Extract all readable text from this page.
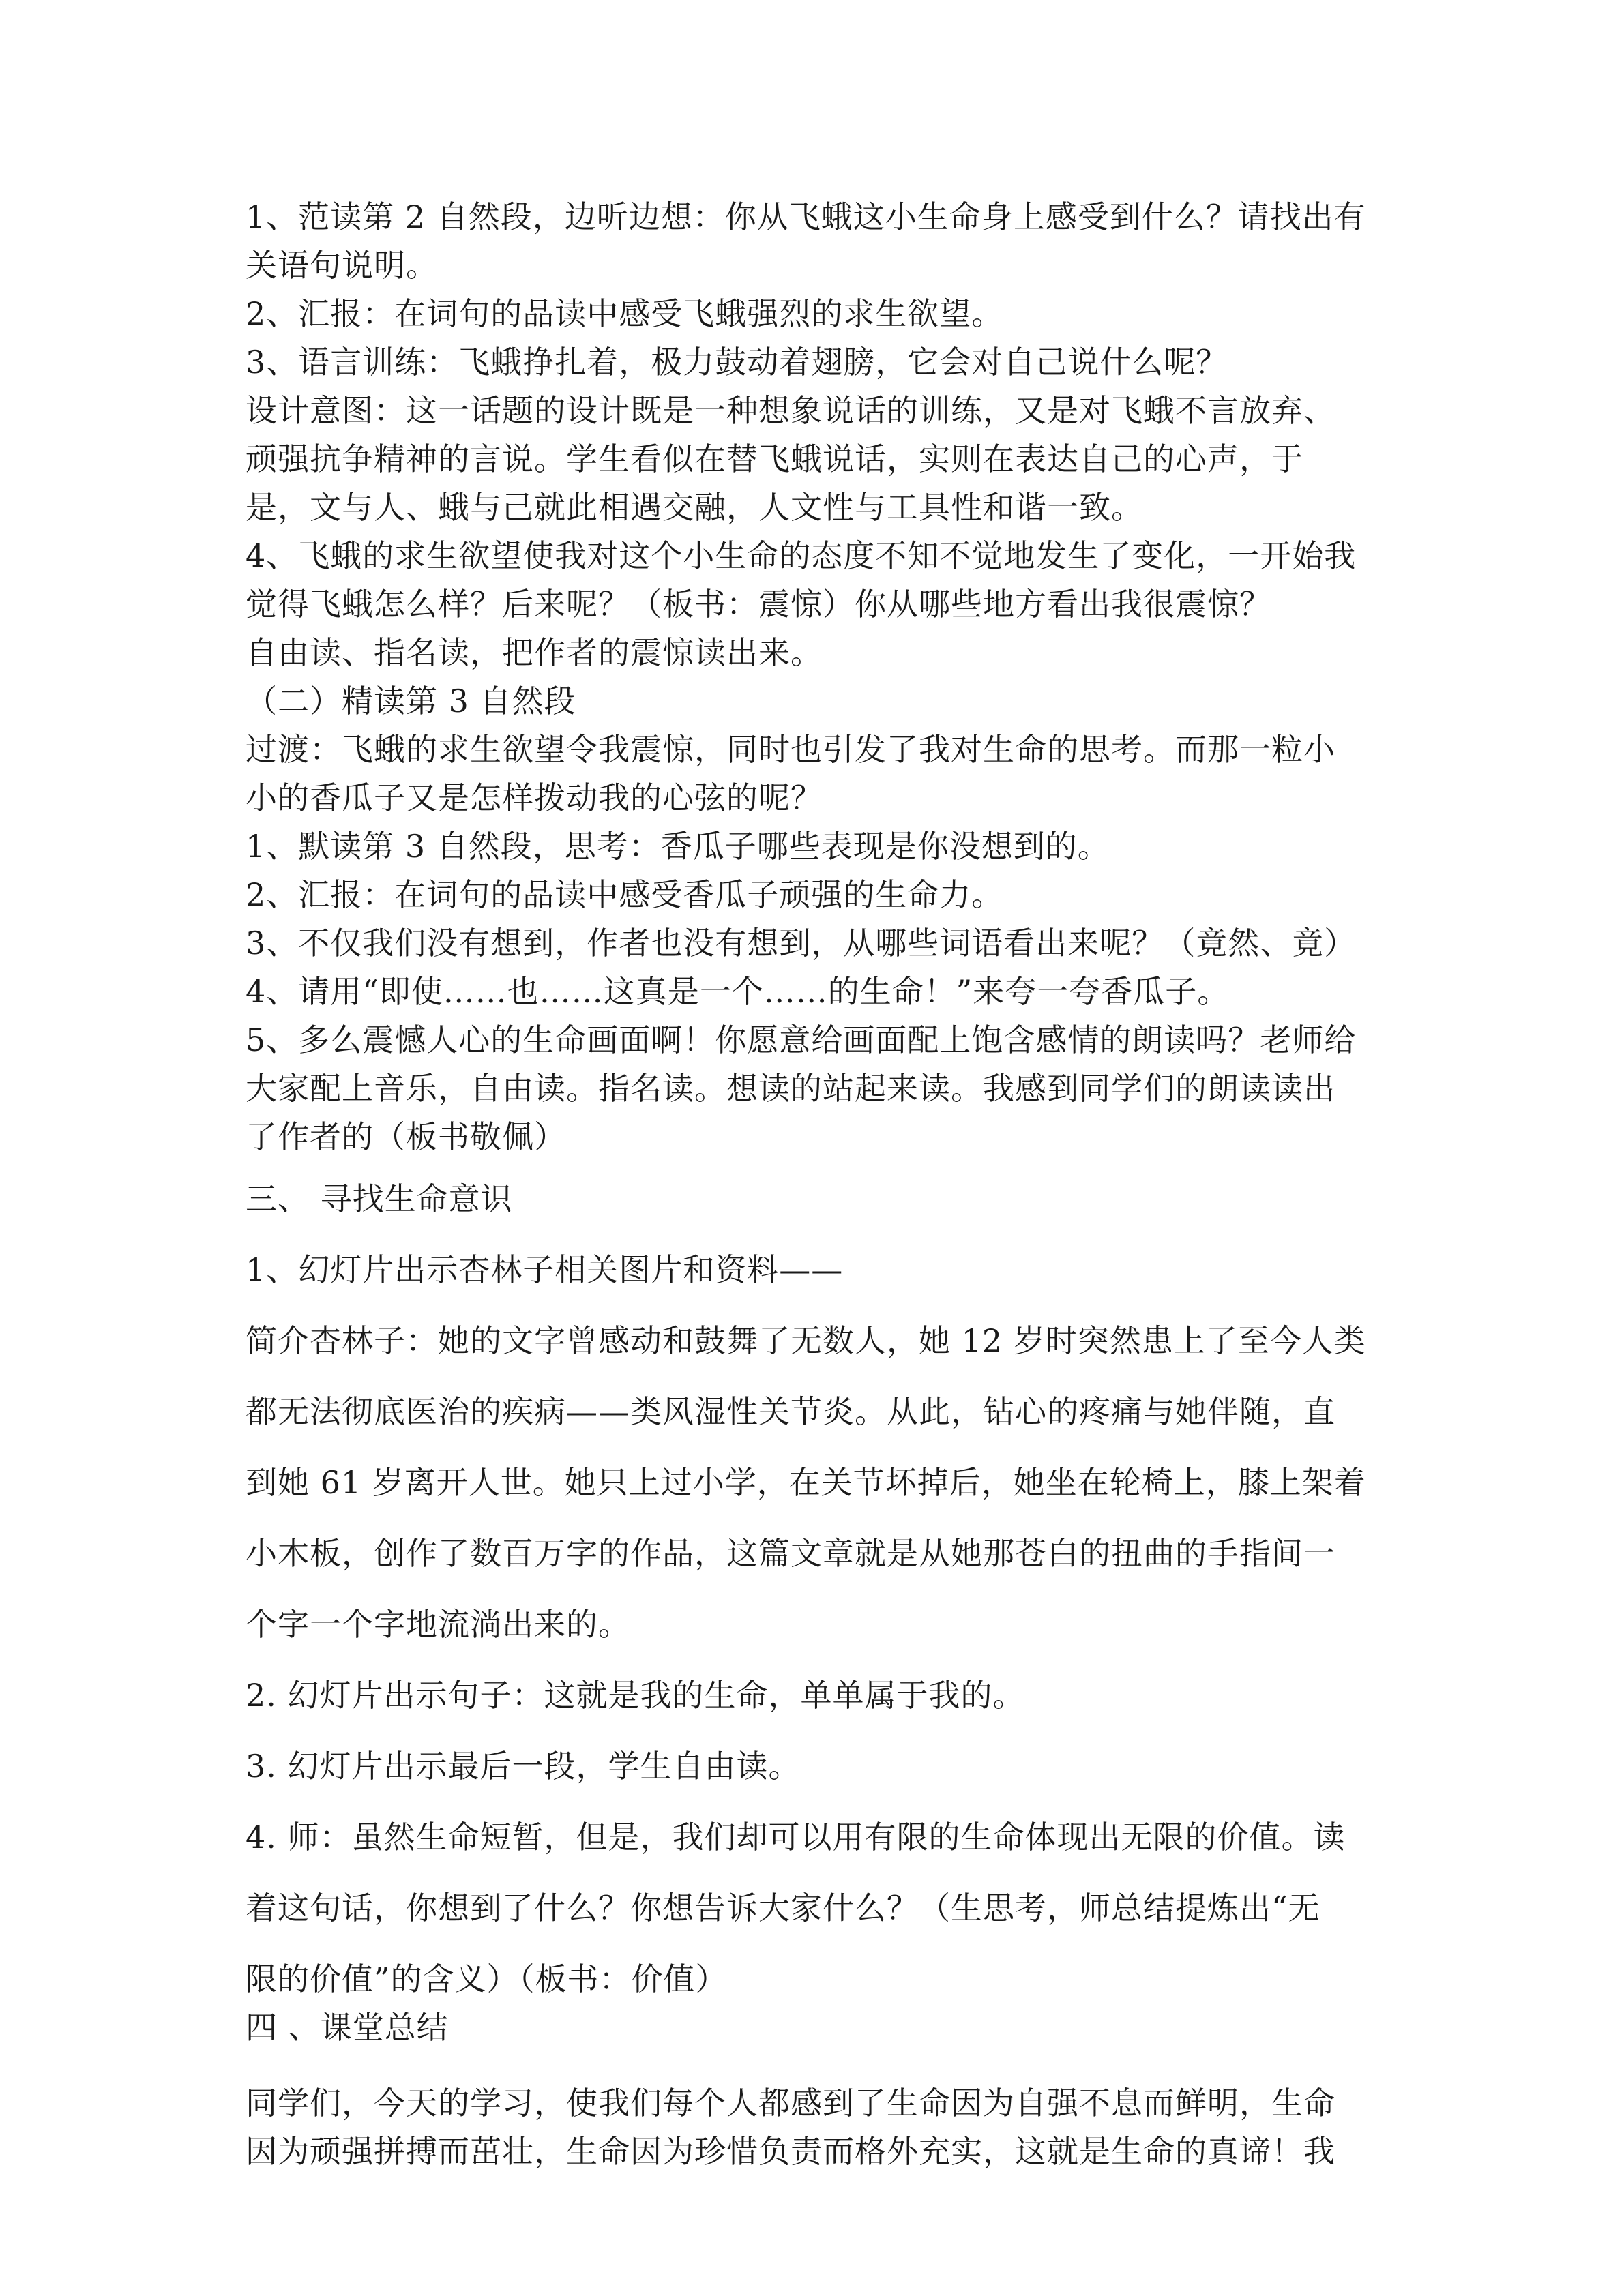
1、范读第 2 自然段，边听边想：你从飞蛾这小生命身上感受到什么？请找出有
关语句说明。
2、汇报：在词句的品读中感受飞蛾强烈的求生欲望。
3、语言训练：飞蛾挣扎着，极力鼓动着翅膀，它会对自己说什么呢？
设计意图：这一话题的设计既是一种想象说话的训练，又是对飞蛾不言放弃、
顽强抗争精神的言说。学生看似在替飞蛾说话，实则在表达自己的心声，于
是，文与人、蛾与己就此相遇交融，人文性与工具性和谐一致。
4、飞蛾的求生欲望使我对这个小生命的态度不知不觉地发生了变化，一开始我
觉得飞蛾怎么样？后来呢？（板书：震惊）你从哪些地方看出我很震惊？
自由读、指名读，把作者的震惊读出来。
（二）精读第 3 自然段
过渡：飞蛾的求生欲望令我震惊，同时也引发了我对生命的思考。而那一粒小
小的香瓜子又是怎样拨动我的心弦的呢？
1、默读第 3 自然段，思考：香瓜子哪些表现是你没想到的。
2、汇报：在词句的品读中感受香瓜子顽强的生命力。
3、不仅我们没有想到，作者也没有想到，从哪些词语看出来呢？（竟然、竟）
4、请用“即使……也……这真是一个……的生命！”来夸一夸香瓜子。
5、多么震憾人心的生命画面啊！你愿意给画面配上饱含感情的朗读吗？老师给
大家配上音乐，自由读。指名读。想读的站起来读。我感到同学们的朗读读出
了作者的（板书敬佩）
三、 寻找生命意识
1、幻灯片出示杏林子相关图片和资料——
简介杏林子：她的文字曾感动和鼓舞了无数人，她 12 岁时突然患上了至今人类
都无法彻底医治的疾病——类风湿性关节炎。从此，钻心的疼痛与她伴随，直
到她 61 岁离开人世。她只上过小学，在关节坏掉后，她坐在轮椅上，膝上架着
小木板，创作了数百万字的作品，这篇文章就是从她那苍白的扭曲的手指间一
个字一个字地流淌出来的。
2. 幻灯片出示句子：这就是我的生命，单单属于我的。
3. 幻灯片出示最后一段，学生自由读。
4. 师：虽然生命短暂，但是，我们却可以用有限的生命体现出无限的价值。读
着这句话，你想到了什么？你想告诉大家什么？（生思考，师总结提炼出“无
限的价值”的含义）（板书：价值）
四 、课堂总结
同学们，今天的学习，使我们每个人都感到了生命因为自强不息而鲜明，生命
因为顽强拼搏而茁壮，生命因为珍惜负责而格外充实，这就是生命的真谛！我
